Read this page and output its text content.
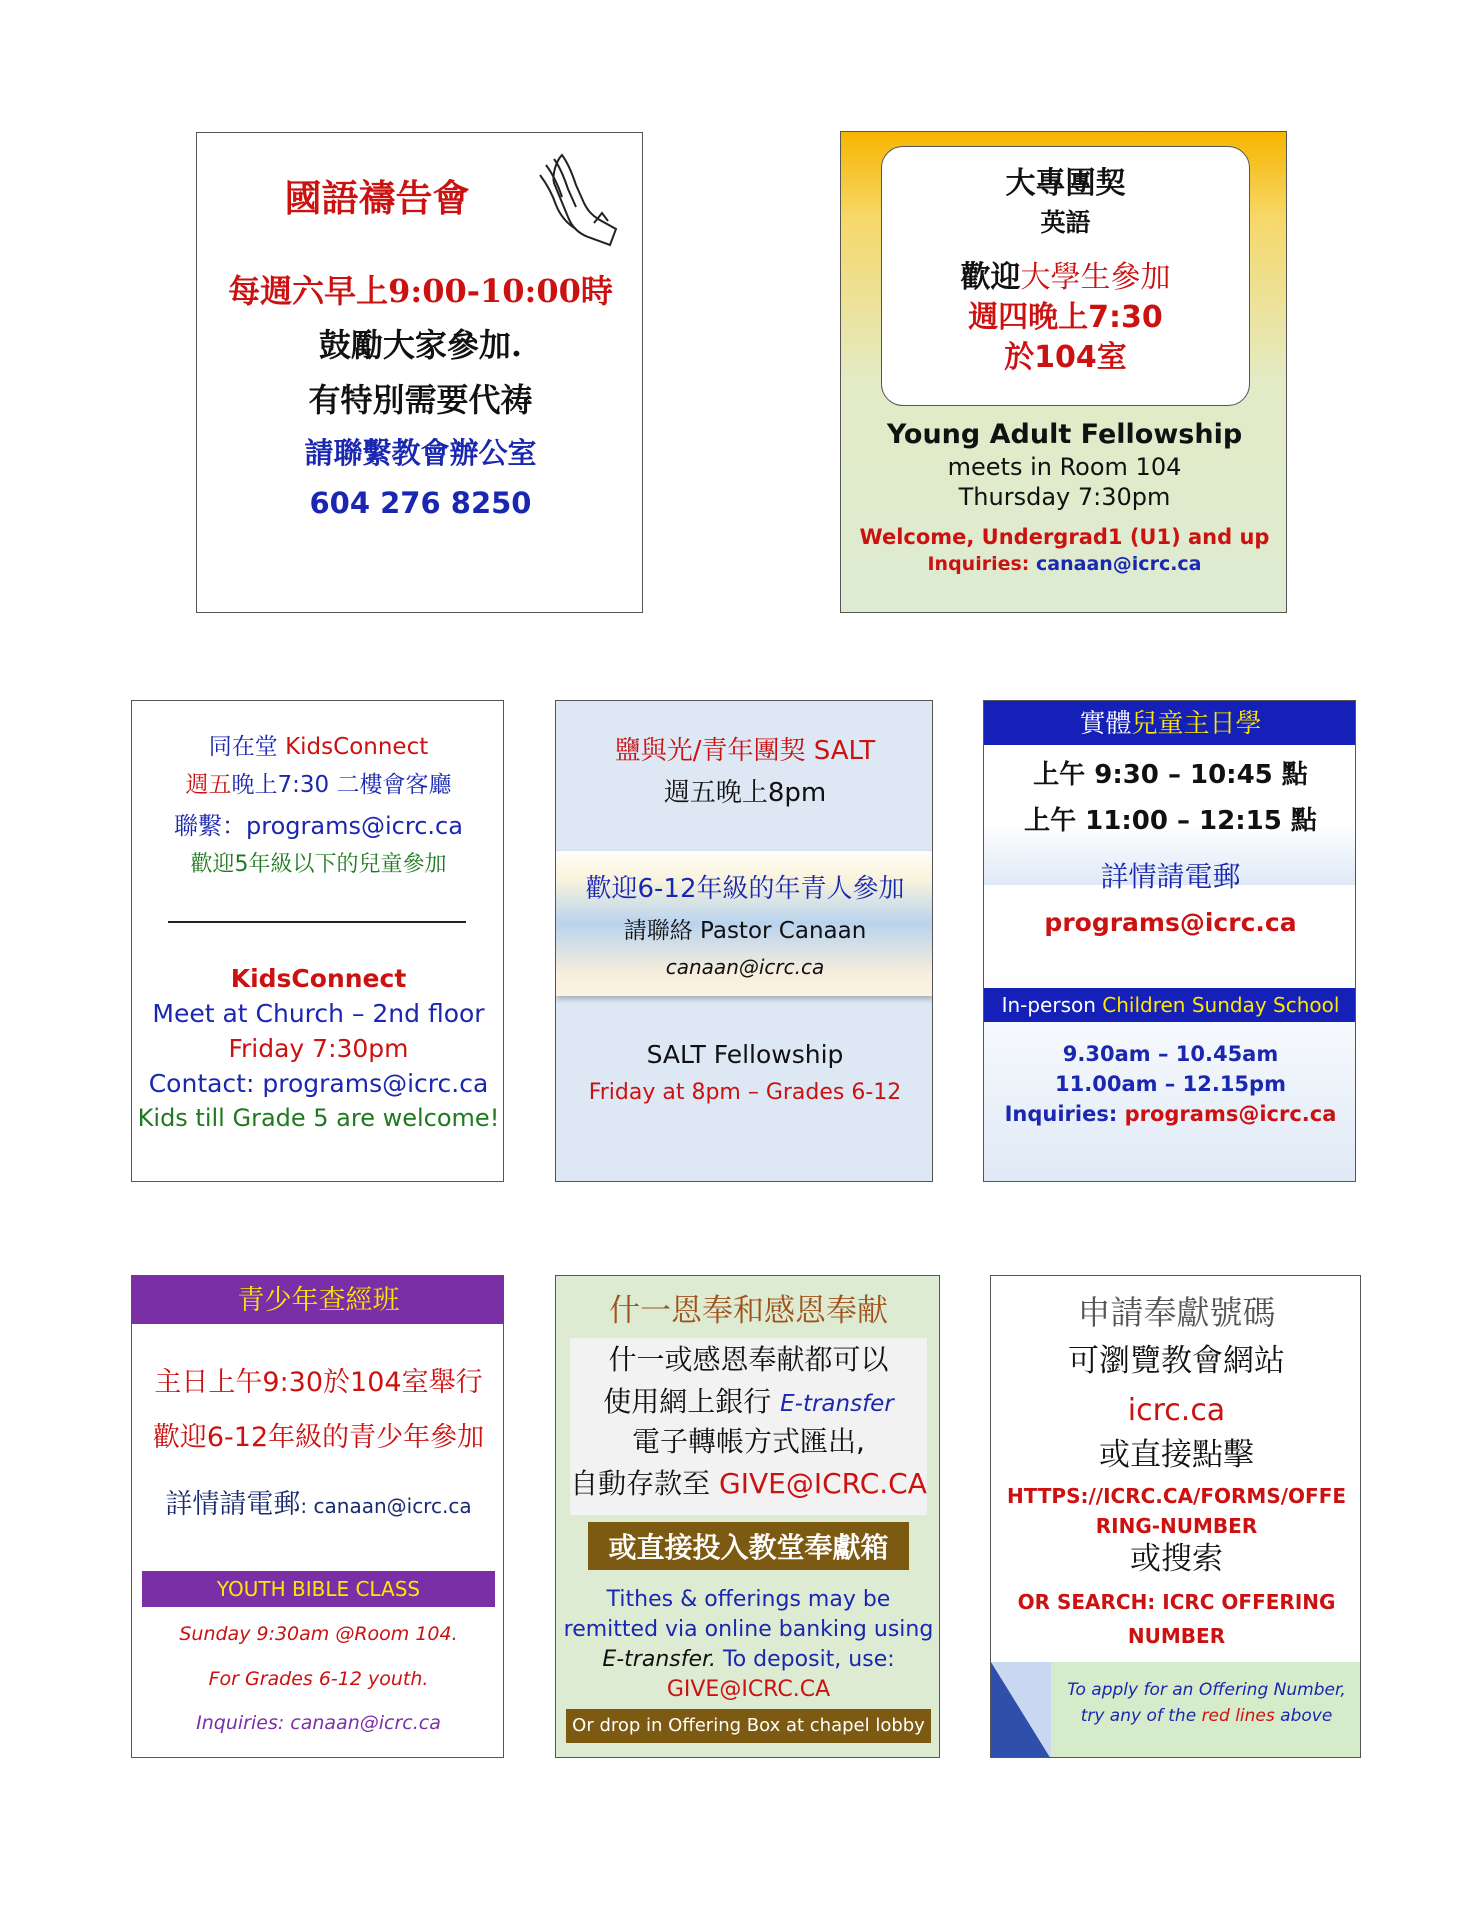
國語禱告會
每週六早上9:00-10:00時
鼓勵大家參加.
有特別需要代祷
請聯繫教會辦公室
604 276 8250
大專團契
英語
歡迎大學生參加
週四晚上7:30
於104室
Young Adult Fellowship
meets in Room 104
Thursday 7:30pm
Welcome, Undergrad1 (U1) and up
Inquiries: canaan@icrc.ca
同在堂 KidsConnect
週五晚上7:30 二樓會客廳
聯繫：programs@icrc.ca
歡迎5年級以下的兒童參加
KidsConnect
Meet at Church – 2nd floor
Friday 7:30pm
Contact: programs@icrc.ca
Kids till Grade 5 are welcome!
鹽與光/青年團契 SALT
週五晚上8pm
歡迎6-12年級的年青人參加
請聯絡 Pastor Canaan
canaan@icrc.ca
SALT Fellowship
Friday at 8pm – Grades 6-12
實體兒童主日學
上午 9:30 – 10:45 點
上午 11:00 – 12:15 點
詳情請電郵
programs@icrc.ca
In-person Children Sunday School
9.30am – 10.45am
11.00am – 12.15pm
Inquiries: programs@icrc.ca
青少年查經班
主日上午9:30於104室舉行
歡迎6-12年級的青少年參加
詳情請電郵: canaan@icrc.ca
YOUTH BIBLE CLASS
Sunday 9:30am @Room 104.
For Grades 6-12 youth.
Inquiries: canaan@icrc.ca
什一恩奉和感恩奉献
什一或感恩奉献都可以
使用網上銀行 E-transfer
電子轉帳方式匯出,
自動存款至 GIVE@ICRC.CA
或直接投入教堂奉獻箱
Tithes & offerings may be
remitted via online banking using
E-transfer. To deposit, use:
GIVE@ICRC.CA
Or drop in Offering Box at chapel lobby
申請奉獻號碼
可瀏覽教會網站
icrc.ca
或直接點擊
HTTPS://ICRC.CA/FORMS/OFFE
RING-NUMBER
或搜索
OR SEARCH: ICRC OFFERING
NUMBER
To apply for an Offering Number,
try any of the red lines above
